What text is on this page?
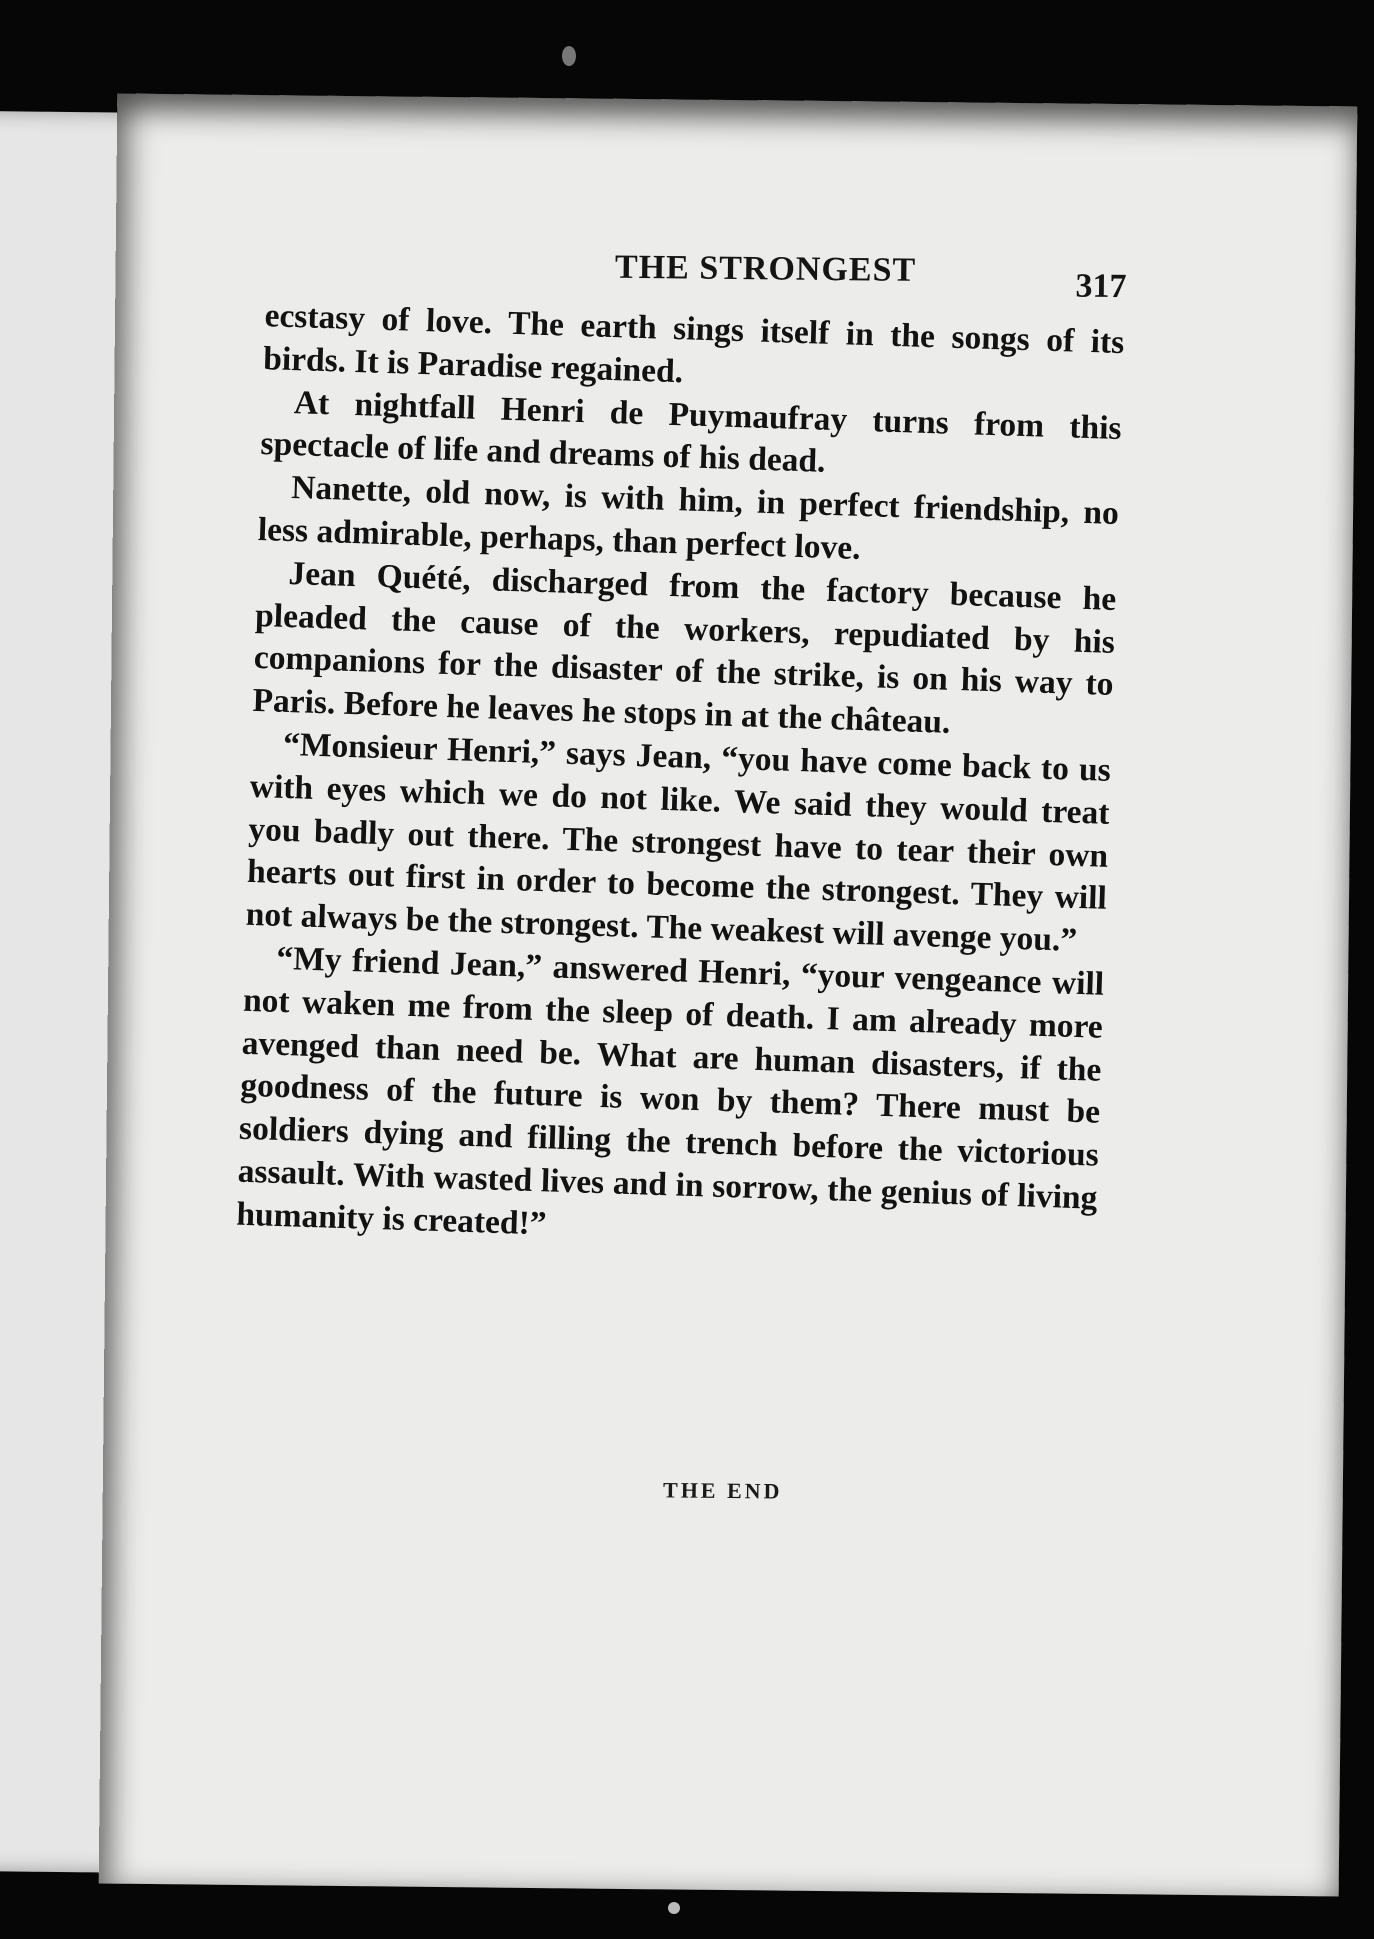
THE STRONGEST	317

ecstasy of love. The earth sings itself in the songs of its birds. It is Paradise regained.

At nightfall Henri de Puymaufray turns from this spectacle of life and dreams of his dead.

Nanette, old now, is with him, in perfect friendship, no less admirable, perhaps, than perfect love.

Jean Quété, discharged from the factory because he pleaded the cause of the workers, repudiated by his companions for the disaster of the strike, is on his way to Paris. Before he leaves he stops in at the château.

“Monsieur Henri,” says Jean, “you have come back to us with eyes which we do not like. We said they would treat you badly out there. The strongest have to tear their own hearts out first in order to become the strongest. They will not always be the strongest. The weakest will avenge you.”

“My friend Jean,” answered Henri, “your vengeance will not waken me from the sleep of death. I am already more avenged than need be. What are human disasters, if the goodness of the future is won by them? There must be soldiers dying and filling the trench before the victorious assault. With wasted lives and in sorrow, the genius of living humanity is created!”

THE END
